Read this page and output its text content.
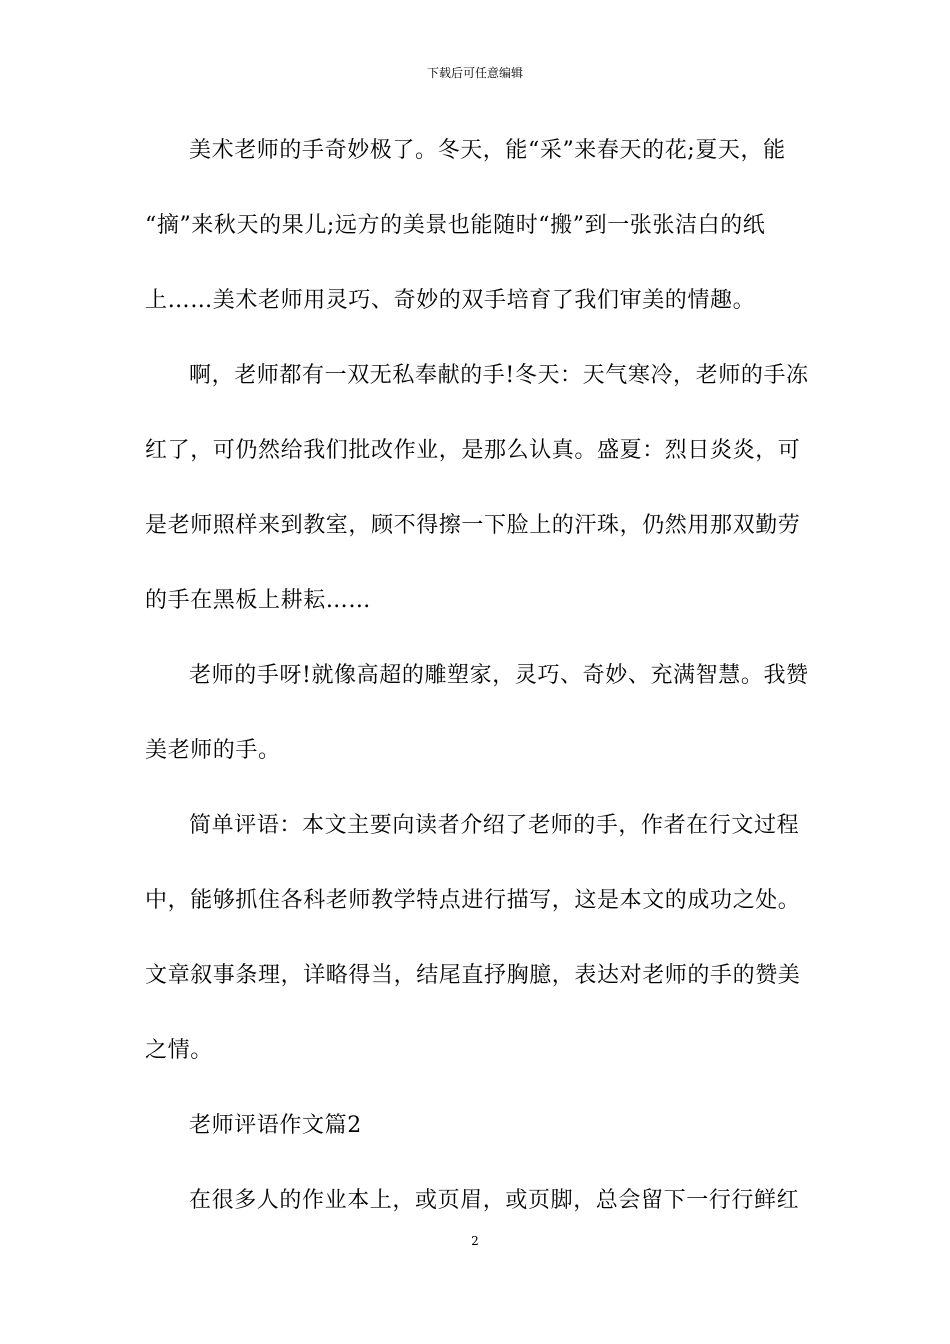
下载后可任意编辑
美术老师的手奇妙极了。冬天，能“采”来春天的花;夏天，能
“摘”来秋天的果儿;远方的美景也能随时“搬”到一张张洁白的纸
上……美术老师用灵巧、奇妙的双手培育了我们审美的情趣。
啊，老师都有一双无私奉献的手!冬天：天气寒冷，老师的手冻
红了，可仍然给我们批改作业，是那么认真。盛夏：烈日炎炎，可
是老师照样来到教室，顾不得擦一下脸上的汗珠，仍然用那双勤劳
的手在黑板上耕耘……
老师的手呀!就像高超的雕塑家，灵巧、奇妙、充满智慧。我赞
美老师的手。
简单评语：本文主要向读者介绍了老师的手，作者在行文过程
中，能够抓住各科老师教学特点进行描写，这是本文的成功之处。
文章叙事条理，详略得当，结尾直抒胸臆，表达对老师的手的赞美
之情。
老师评语作文篇2
在很多人的作业本上，或页眉，或页脚，总会留下一行行鲜红
2
